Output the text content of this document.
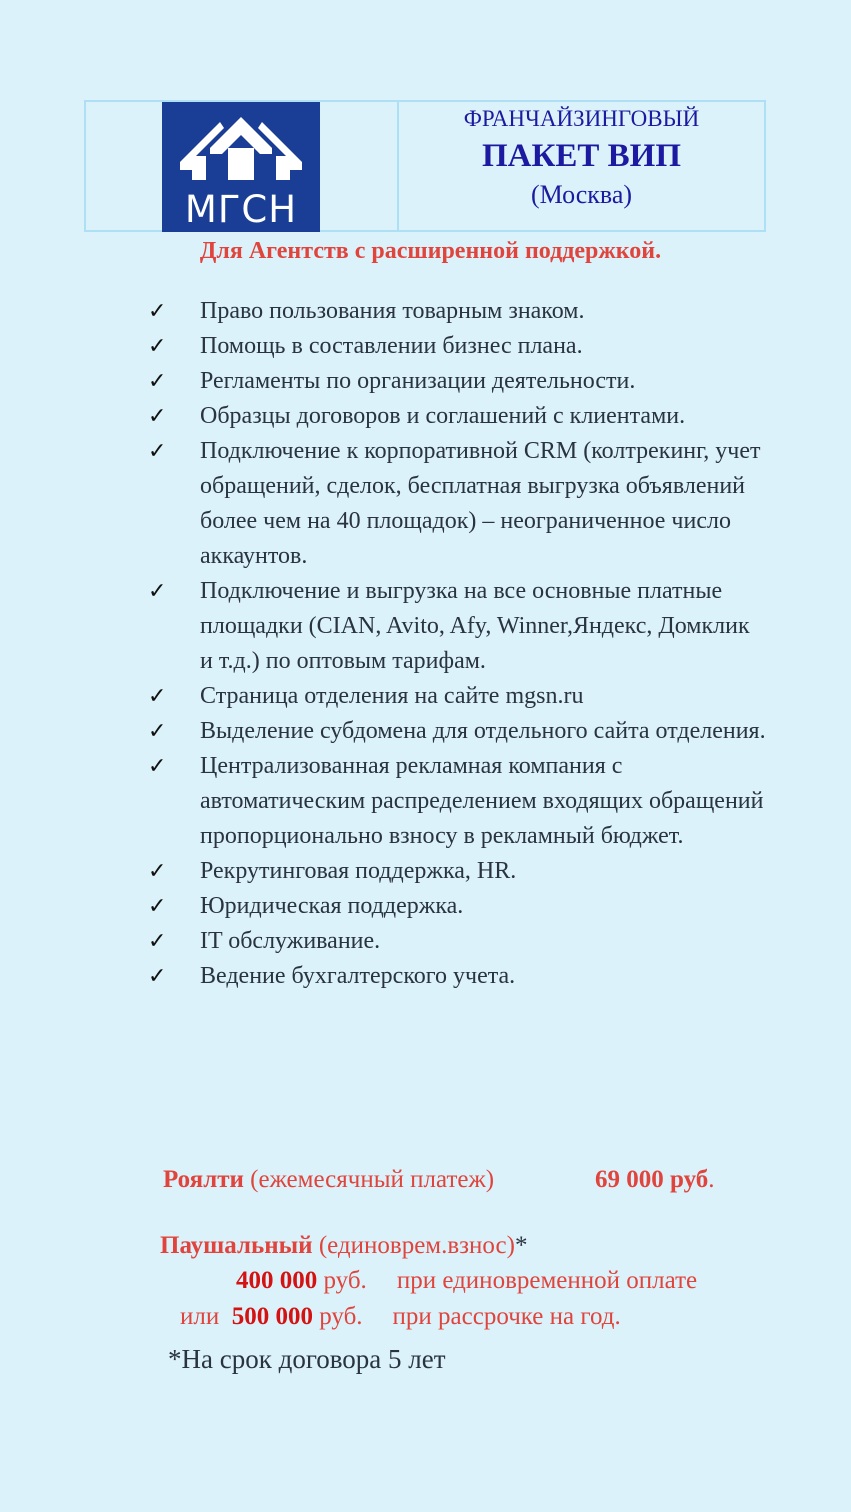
МГСН
ФРАНЧАЙЗИНГОВЫЙ
ПАКЕТ ВИП
(Москва)
Для Агентств с расширенной поддержкой.
✓	Право пользования товарным знаком.
✓	Помощь в составлении бизнес плана.
✓	Регламенты по организации деятельности.
✓	Образцы договоров и соглашений с клиентами.
✓	Подключение к корпоративной CRM (колтрекинг, учет обращений, сделок, бесплатная выгрузка объявлений более чем на 40 площадок) – неограниченное число аккаунтов.
✓	Подключение и выгрузка на все основные платные площадки (CIAN, Avito, Afy, Winner,Яндекс, Домклик и т.д.) по оптовым тарифам.
✓	Страница отделения на сайте mgsn.ru
✓	Выделение субдомена для отдельного сайта отделения.
✓	Централизованная рекламная компания с автоматическим распределением входящих обращений пропорционально взносу в рекламный бюджет.
✓	Рекрутинговая поддержка, HR.
✓	Юридическая поддержка.
✓	IT обслуживание.
✓	Ведение бухгалтерского учета.
Роялти (ежемесячный платеж)	69 000 руб.
Паушальный (единоврем.взнос)*
400 000 руб. при единовременной оплате
или 500 000 руб. при рассрочке на год.
*На срок договора 5 лет
